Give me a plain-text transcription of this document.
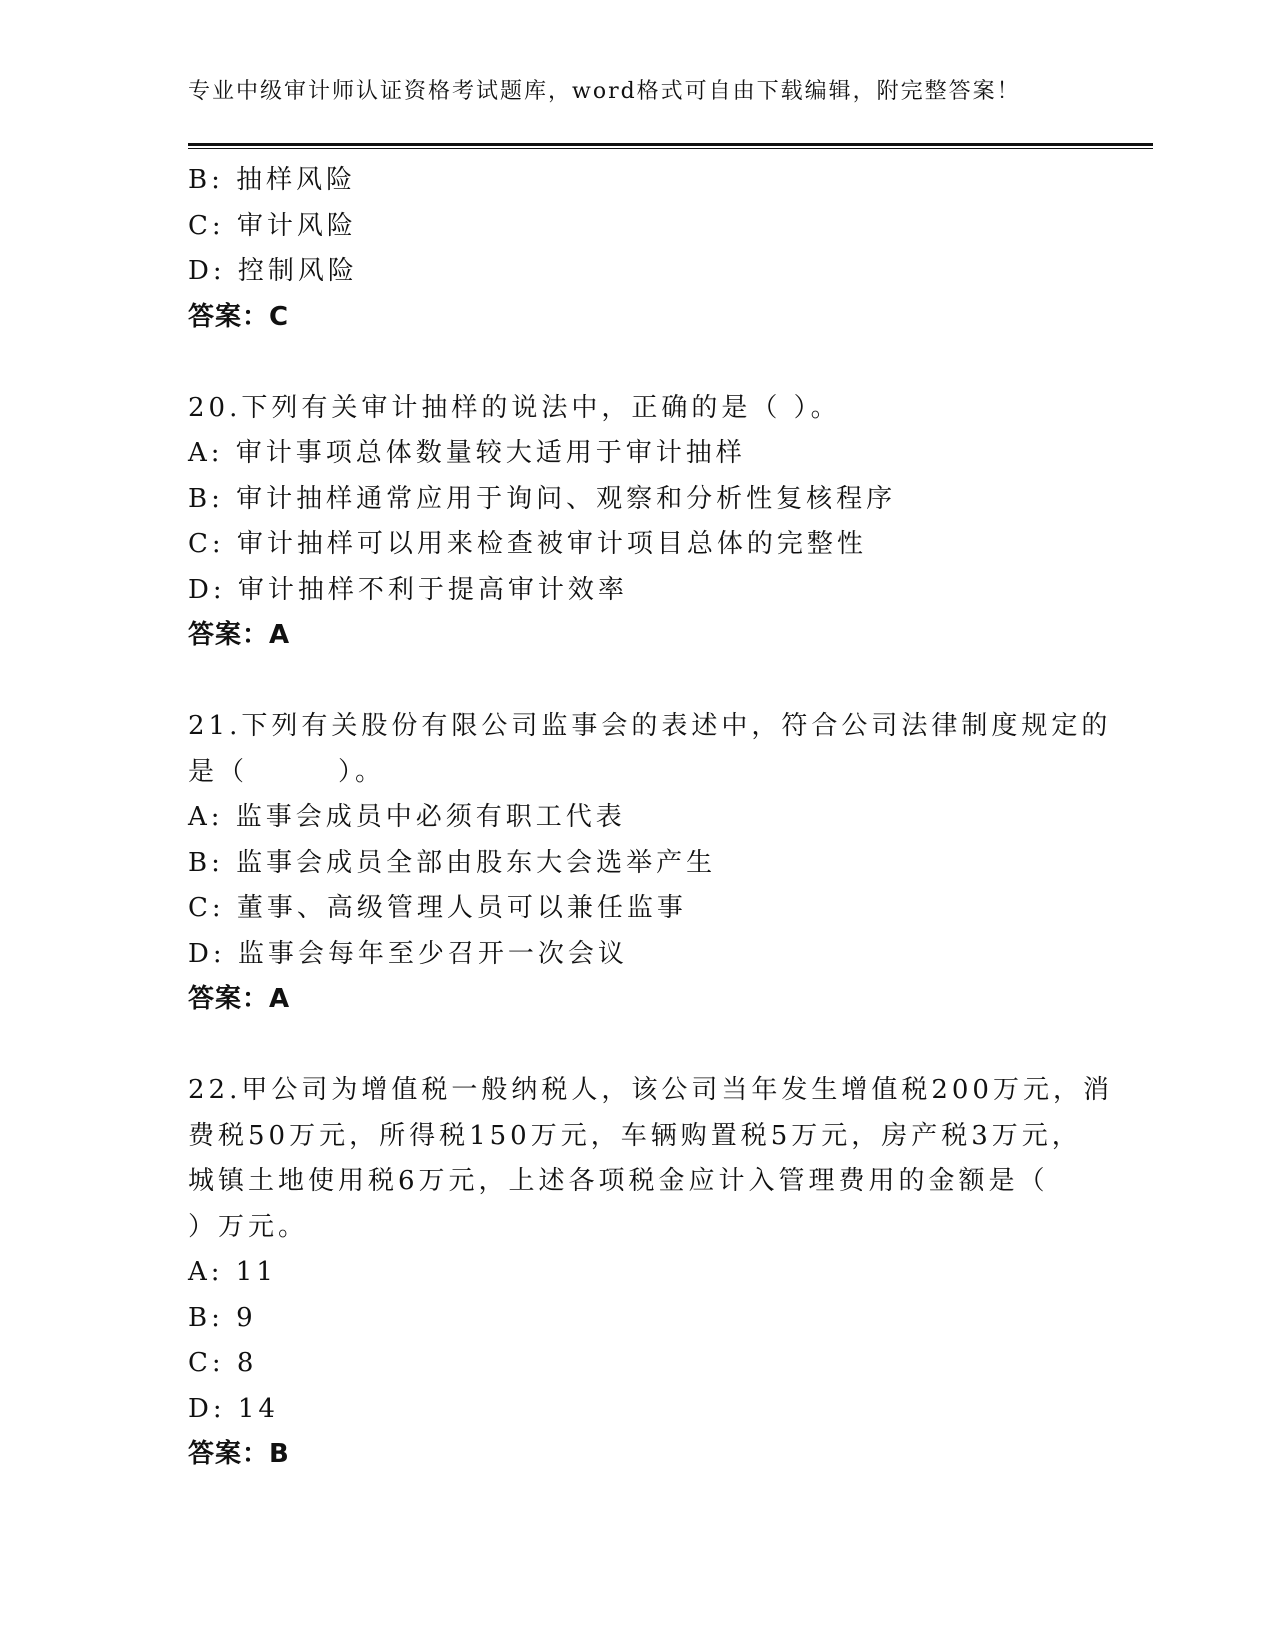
专业中级审计师认证资格考试题库，word格式可自由下载编辑，附完整答案！
B: 抽样风险
C: 审计风险
D: 控制风险
答案：C
20.下列有关审计抽样的说法中，正确的是（ ）。
A: 审计事项总体数量较大适用于审计抽样
B: 审计抽样通常应用于询问、观察和分析性复核程序
C: 审计抽样可以用来检查被审计项目总体的完整性
D: 审计抽样不利于提高审计效率
答案：A
21.下列有关股份有限公司监事会的表述中，符合公司法律制度规定的
是（　　　）。
A: 监事会成员中必须有职工代表
B: 监事会成员全部由股东大会选举产生
C: 董事、高级管理人员可以兼任监事
D: 监事会每年至少召开一次会议
答案：A
22.甲公司为增值税一般纳税人，该公司当年发生增值税200万元，消
费税50万元，所得税150万元，车辆购置税5万元，房产税3万元，
城镇土地使用税6万元，上述各项税金应计入管理费用的金额是（
）万元。
A: 11
B: 9
C: 8
D: 14
答案：B
